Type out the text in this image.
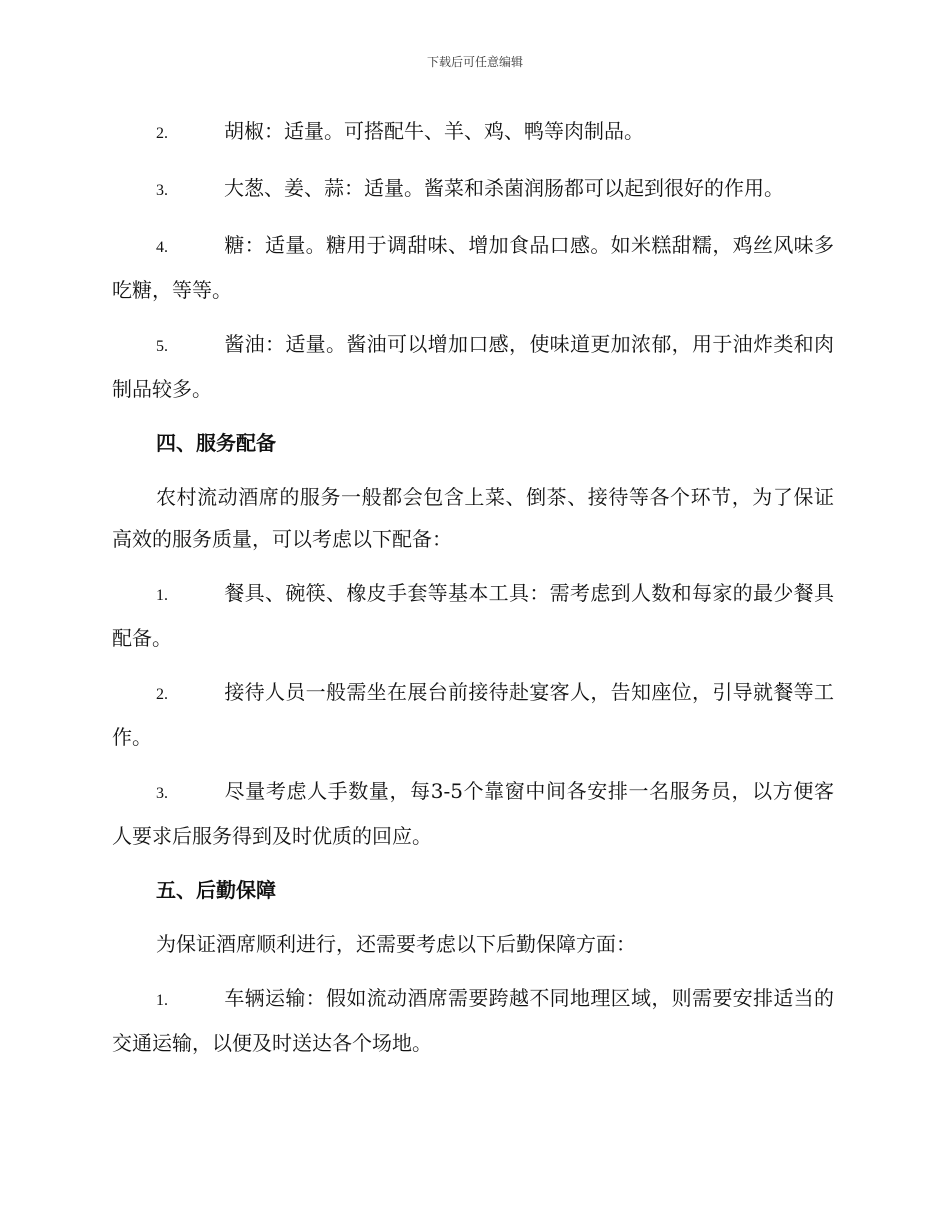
下载后可任意编辑

2.	胡椒：适量。可搭配牛、羊、鸡、鸭等肉制品。

3.	大葱、姜、蒜：适量。酱菜和杀菌润肠都可以起到很好的作用。

4.	糖：适量。糖用于调甜味、增加食品口感。如米糕甜糯，鸡丝风味多吃糖，等等。

5.	酱油：适量。酱油可以增加口感，使味道更加浓郁，用于油炸类和肉制品较多。

四、服务配备

农村流动酒席的服务一般都会包含上菜、倒茶、接待等各个环节，为了保证高效的服务质量，可以考虑以下配备：

1.	餐具、碗筷、橡皮手套等基本工具：需考虑到人数和每家的最少餐具配备。

2.	接待人员一般需坐在展台前接待赴宴客人，告知座位，引导就餐等工作。

3.	尽量考虑人手数量，每3-5个靠窗中间各安排一名服务员，以方便客人要求后服务得到及时优质的回应。

五、后勤保障

为保证酒席顺利进行，还需要考虑以下后勤保障方面：

1.	车辆运输：假如流动酒席需要跨越不同地理区域，则需要安排适当的交通运输，以便及时送达各个场地。
